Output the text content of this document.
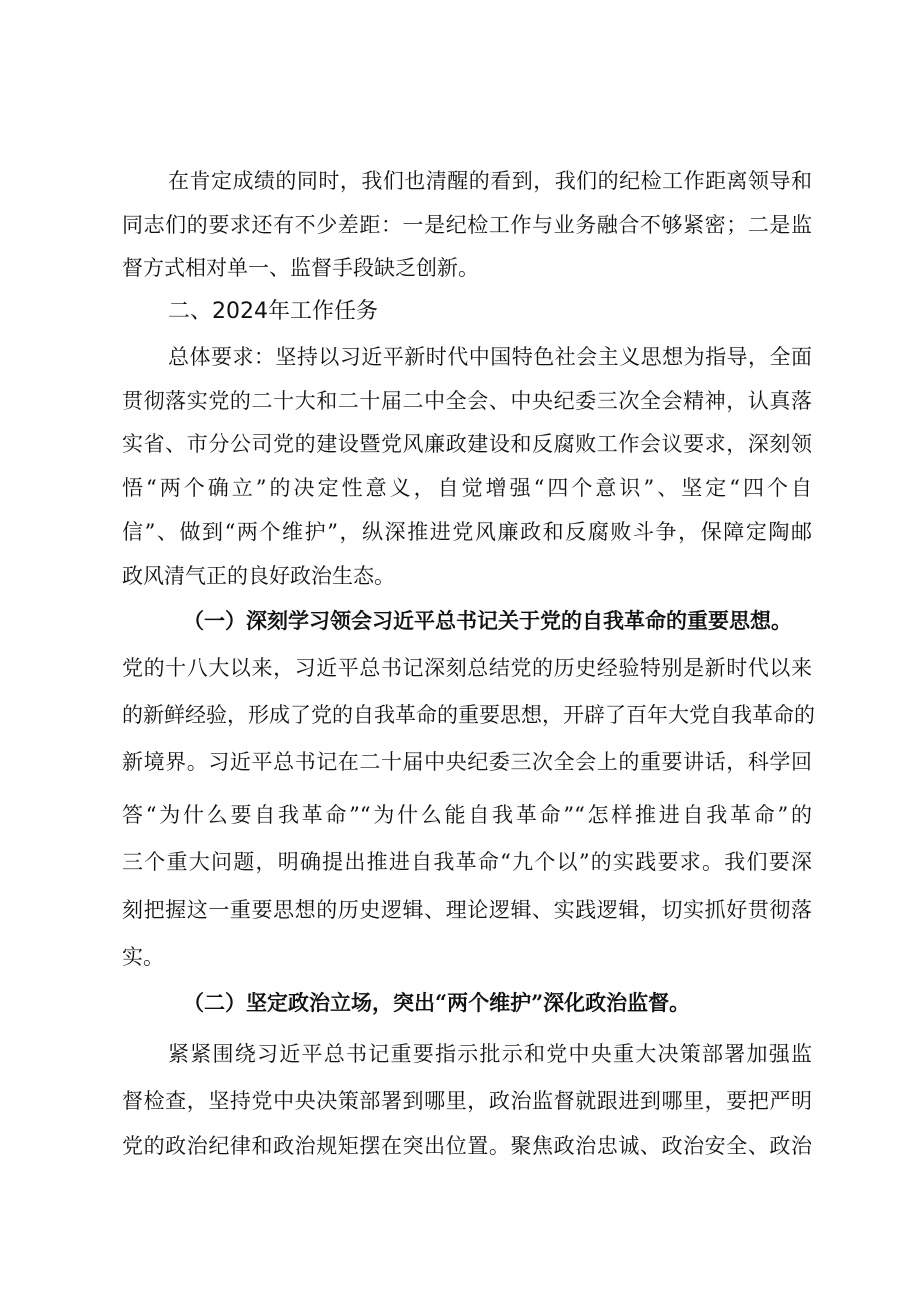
在肯定成绩的同时，我们也清醒的看到，我们的纪检工作距离领导和
同志们的要求还有不少差距：一是纪检工作与业务融合不够紧密；二是监
督方式相对单一、监督手段缺乏创新。
二、2024年工作任务
总体要求：坚持以习近平新时代中国特色社会主义思想为指导，全面
贯彻落实党的二十大和二十届二中全会、中央纪委三次全会精神，认真落
实省、市分公司党的建设暨党风廉政建设和反腐败工作会议要求，深刻领
悟“两个确立”的决定性意义，自觉增强“四个意识”、坚定“四个自
信”、做到“两个维护”，纵深推进党风廉政和反腐败斗争，保障定陶邮
政风清气正的良好政治生态。
（一）深刻学习领会习近平总书记关于党的自我革命的重要思想。
党的十八大以来，习近平总书记深刻总结党的历史经验特别是新时代以来
的新鲜经验，形成了党的自我革命的重要思想，开辟了百年大党自我革命的
新境界。习近平总书记在二十届中央纪委三次全会上的重要讲话，科学回
答“为什么要自我革命”“为什么能自我革命”“怎样推进自我革命”的
三个重大问题，明确提出推进自我革命“九个以”的实践要求。我们要深
刻把握这一重要思想的历史逻辑、理论逻辑、实践逻辑，切实抓好贯彻落
实。
（二）坚定政治立场，突出“两个维护”深化政治监督。
紧紧围绕习近平总书记重要指示批示和党中央重大决策部署加强监
督检查，坚持党中央决策部署到哪里，政治监督就跟进到哪里，要把严明
党的政治纪律和政治规矩摆在突出位置。聚焦政治忠诚、政治安全、政治
